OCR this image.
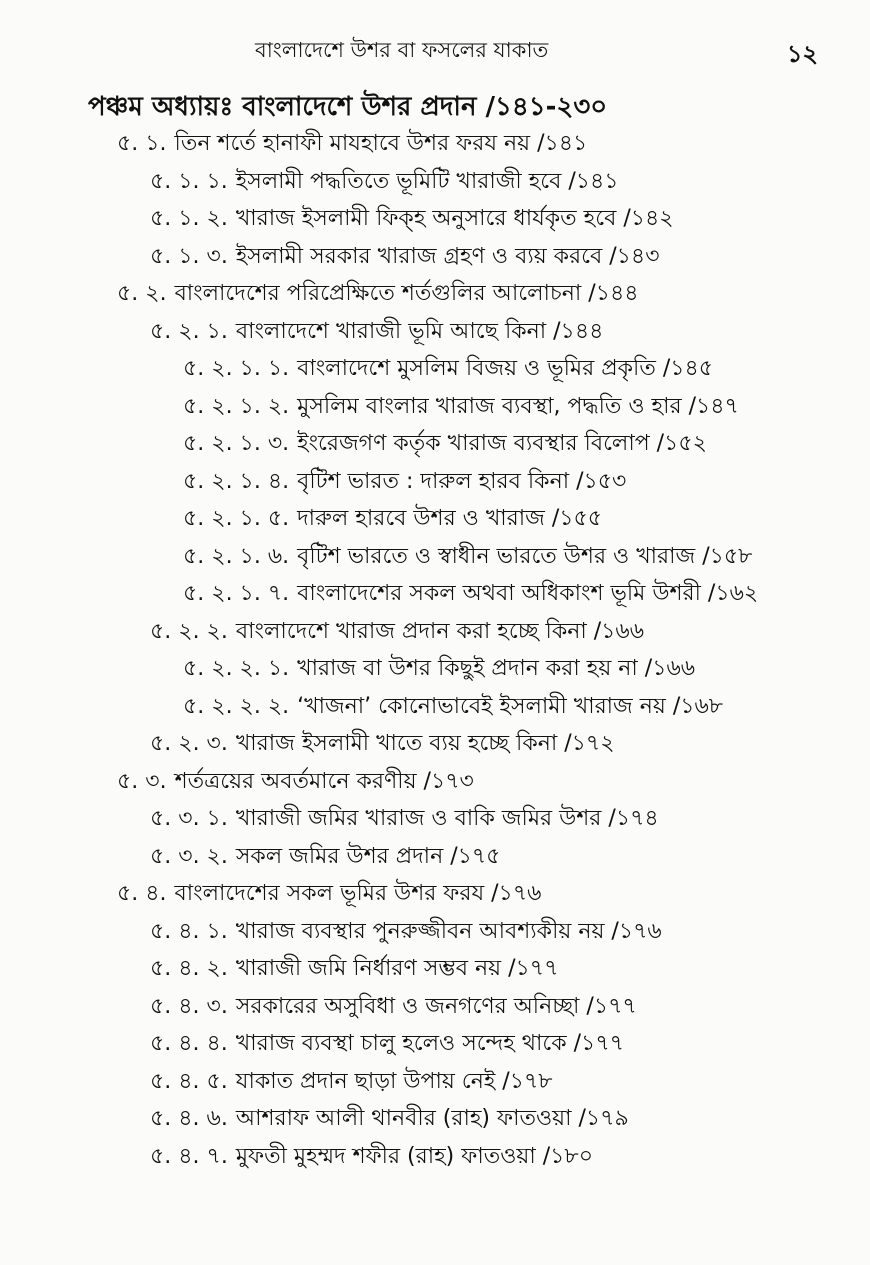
বাংলাদেশে উশর বা ফসলের যাকাত	১২
পঞ্চম অধ্যায়ঃ বাংলাদেশে উশর প্রদান /১৪১-২৩০
৫. ১. তিন শর্তে হানাফী মাযহাবে উশর ফরয নয় /১৪১
৫. ১. ১. ইসলামী পদ্ধতিতে ভূমিটি খারাজী হবে /১৪১
৫. ১. ২. খারাজ ইসলামী ফিক্‌হ অনুসারে ধার্যকৃত হবে /১৪২
৫. ১. ৩. ইসলামী সরকার খারাজ গ্রহণ ও ব্যয় করবে /১৪৩
৫. ২. বাংলাদেশের পরিপ্রেক্ষিতে শর্তগুলির আলোচনা /১৪৪
৫. ২. ১. বাংলাদেশে খারাজী ভূমি আছে কিনা /১৪৪
৫. ২. ১. ১. বাংলাদেশে মুসলিম বিজয় ও ভূমির প্রকৃতি /১৪৫
৫. ২. ১. ২. মুসলিম বাংলার খারাজ ব্যবস্থা, পদ্ধতি ও হার /১৪৭
৫. ২. ১. ৩. ইংরেজগণ কর্তৃক খারাজ ব্যবস্থার বিলোপ /১৫২
৫. ২. ১. ৪. বৃটিশ ভারত : দারুল হারব কিনা /১৫৩
৫. ২. ১. ৫. দারুল হারবে উশর ও খারাজ /১৫৫
৫. ২. ১. ৬. বৃটিশ ভারতে ও স্বাধীন ভারতে উশর ও খারাজ /১৫৮
৫. ২. ১. ৭. বাংলাদেশের সকল অথবা অধিকাংশ ভূমি উশরী /১৬২
৫. ২. ২. বাংলাদেশে খারাজ প্রদান করা হচ্ছে কিনা /১৬৬
৫. ২. ২. ১. খারাজ বা উশর কিছুই প্রদান করা হয় না /১৬৬
৫. ২. ২. ২. ‘খাজনা’ কোনোভাবেই ইসলামী খারাজ নয় /১৬৮
৫. ২. ৩. খারাজ ইসলামী খাতে ব্যয় হচ্ছে কিনা /১৭২
৫. ৩. শর্তত্রয়ের অবর্তমানে করণীয় /১৭৩
৫. ৩. ১. খারাজী জমির খারাজ ও বাকি জমির উশর /১৭৪
৫. ৩. ২. সকল জমির উশর প্রদান /১৭৫
৫. ৪. বাংলাদেশের সকল ভূমির উশর ফরয /১৭৬
৫. ৪. ১. খারাজ ব্যবস্থার পুনরুজ্জীবন আবশ্যকীয় নয় /১৭৬
৫. ৪. ২. খারাজী জমি নির্ধারণ সম্ভব নয় /১৭৭
৫. ৪. ৩. সরকারের অসুবিধা ও জনগণের অনিচ্ছা /১৭৭
৫. ৪. ৪. খারাজ ব্যবস্থা চালু হলেও সন্দেহ থাকে /১৭৭
৫. ৪. ৫. যাকাত প্রদান ছাড়া উপায় নেই /১৭৮
৫. ৪. ৬. আশরাফ আলী থানবীর (রাহ) ফাতওয়া /১৭৯
৫. ৪. ৭. মুফতী মুহম্মদ শফীর (রাহ) ফাতওয়া /১৮০
